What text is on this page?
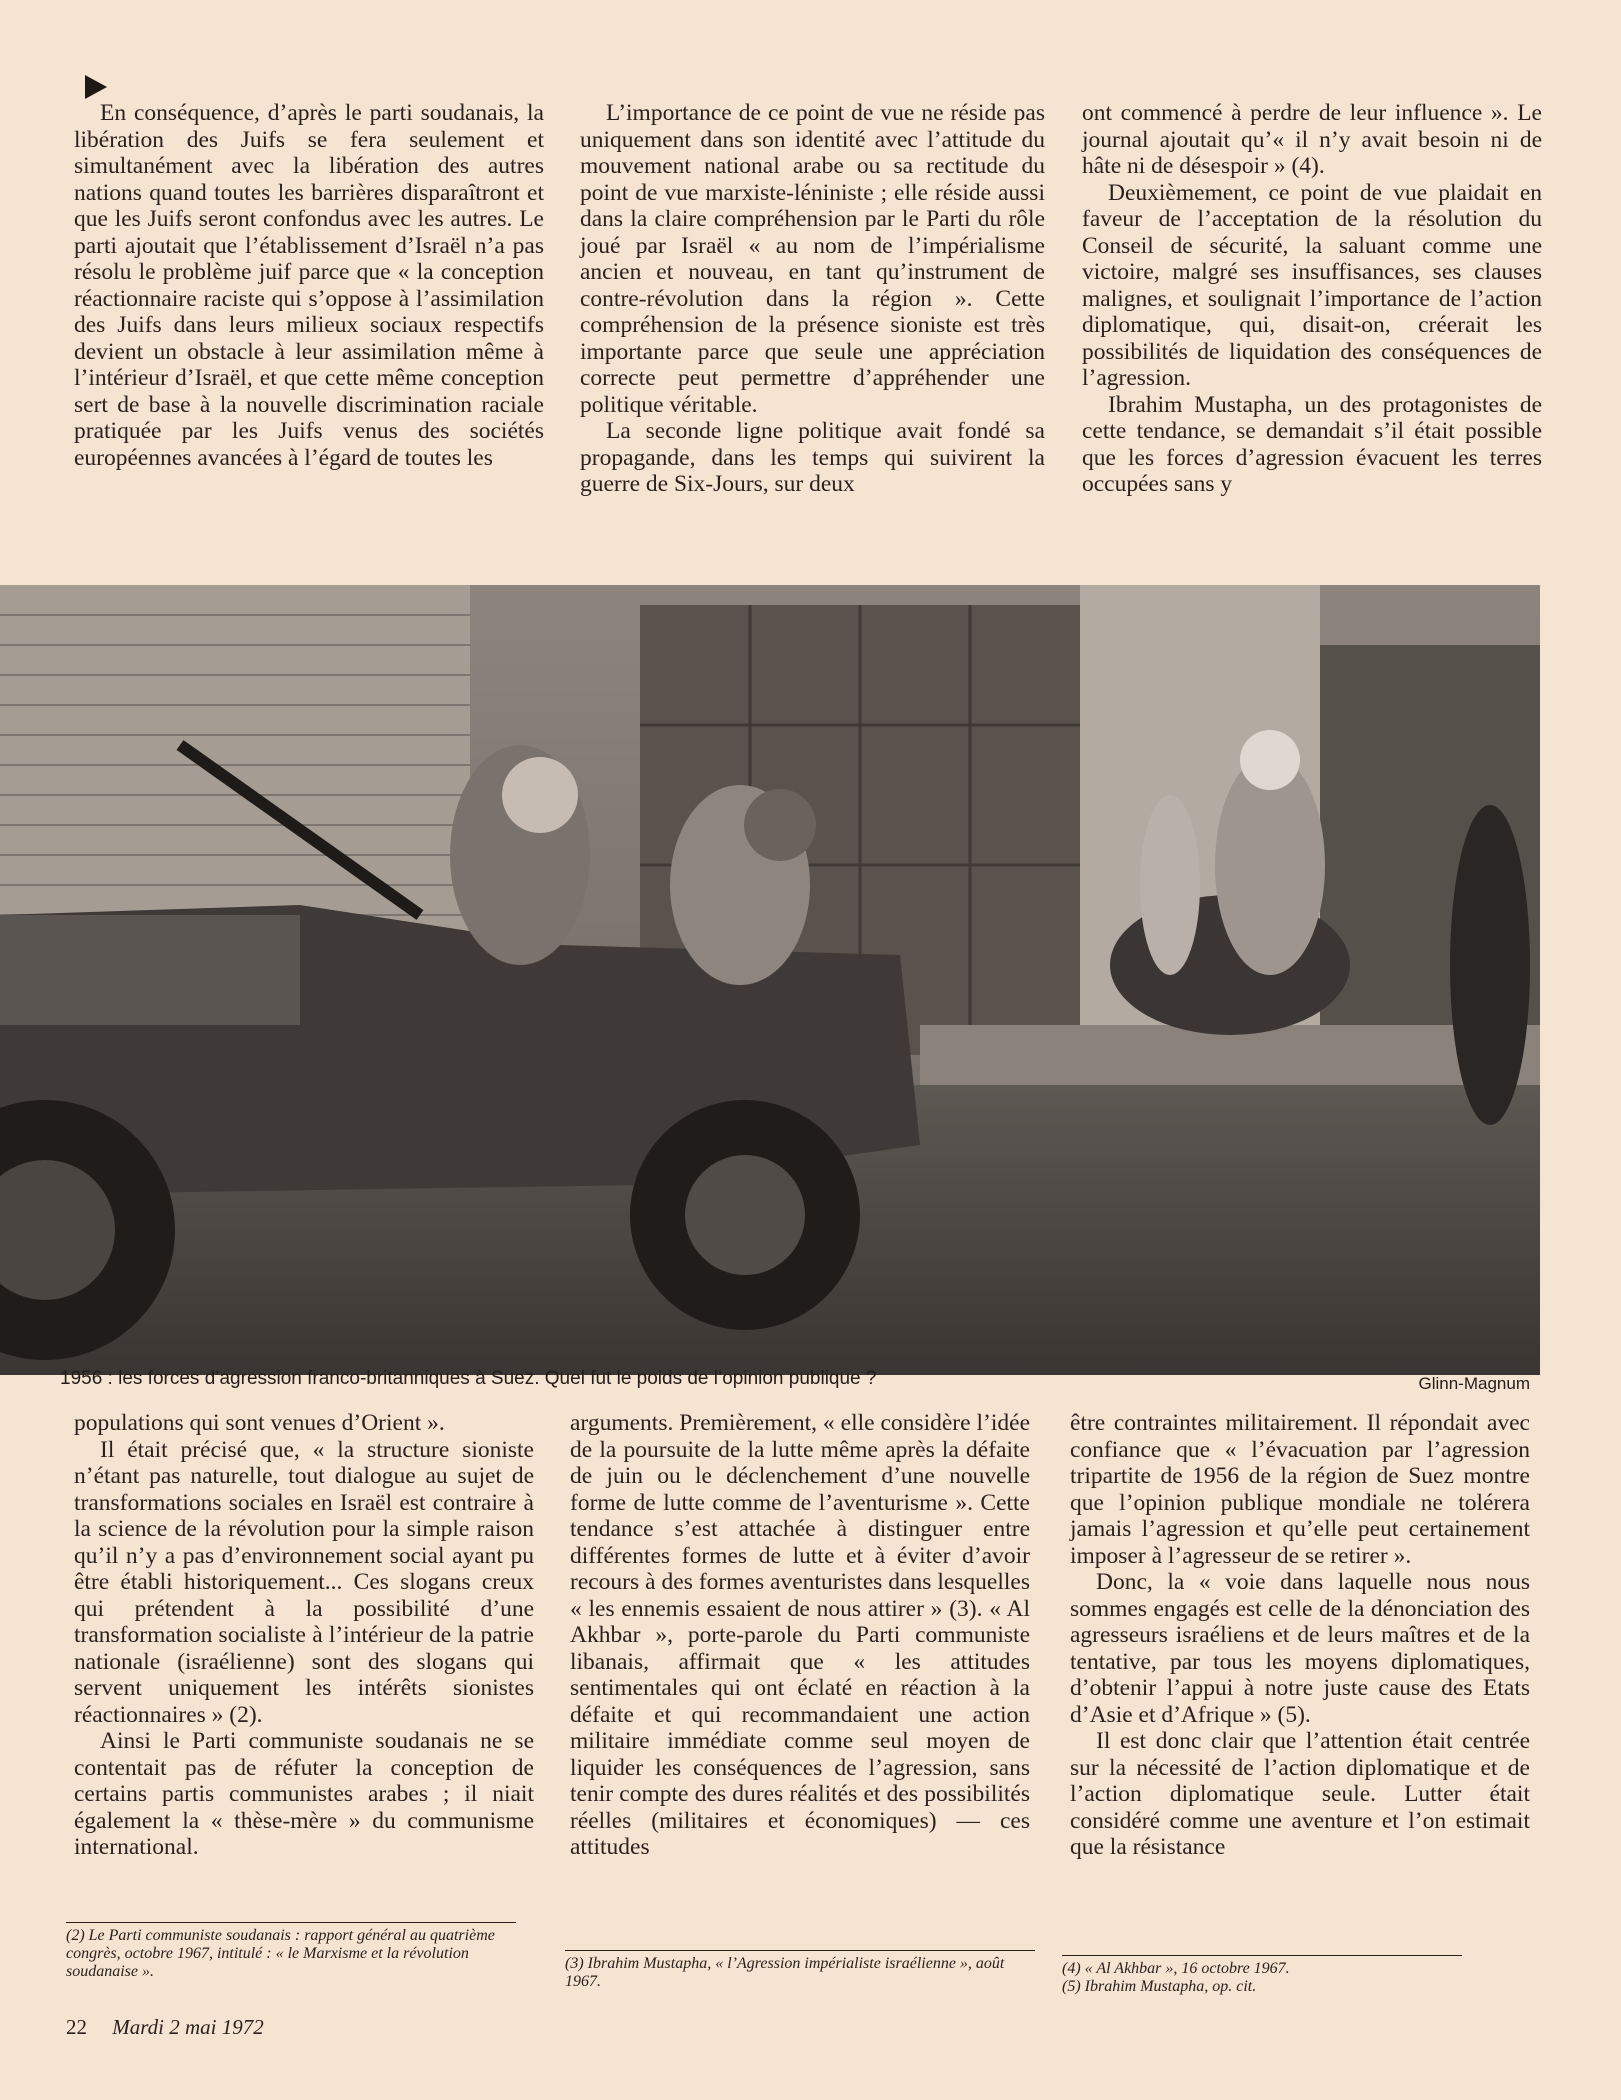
En conséquence, d’après le parti soudanais, la libération des Juifs se fera seulement et simultanément avec la libération des autres nations quand toutes les barrières disparaîtront et que les Juifs seront confondus avec les autres. Le parti ajoutait que l’établissement d’Israël n’a pas résolu le problème juif parce que « la conception réactionnaire raciste qui s’oppose à l’assimilation des Juifs dans leurs milieux sociaux respectifs devient un obstacle à leur assimilation même à l’intérieur d’Israël, et que cette même conception sert de base à la nouvelle discrimination raciale pratiquée par les Juifs venus des sociétés européennes avancées à l’égard de toutes les

L’importance de ce point de vue ne réside pas uniquement dans son identité avec l’attitude du mouvement national arabe ou sa rectitude du point de vue marxiste-léniniste ; elle réside aussi dans la claire compréhension par le Parti du rôle joué par Israël « au nom de l’impérialisme ancien et nouveau, en tant qu’instrument de contre-révolution dans la région ». Cette compréhension de la présence sioniste est très importante parce que seule une appréciation correcte peut permettre d’appréhender une politique véritable.

La seconde ligne politique avait fondé sa propagande, dans les temps qui suivirent la guerre de Six-Jours, sur deux

ont commencé à perdre de leur influence ». Le journal ajoutait qu’« il n’y avait besoin ni de hâte ni de désespoir » (4).

Deuxièmement, ce point de vue plaidait en faveur de l’acceptation de la résolution du Conseil de sécurité, la saluant comme une victoire, malgré ses insuffisances, ses clauses malignes, et soulignait l’importance de l’action diplomatique, qui, disait-on, créerait les possibilités de liquidation des conséquences de l’agression.

Ibrahim Mustapha, un des protagonistes de cette tendance, se demandait s’il était possible que les forces d’agression évacuent les terres occupées sans y

1956 : les forces d’agression franco-britanniques à Suez. Quel fut le poids de l’opinion publique ?	Glinn-Magnum

populations qui sont venues d’Orient ».

Il était précisé que, « la structure sioniste n’étant pas naturelle, tout dialogue au sujet de transformations sociales en Israël est contraire à la science de la révolution pour la simple raison qu’il n’y a pas d’environnement social ayant pu être établi historiquement... Ces slogans creux qui prétendent à la possibilité d’une transformation socialiste à l’intérieur de la patrie nationale (israélienne) sont des slogans qui servent uniquement les intérêts sionistes réactionnaires » (2).

Ainsi le Parti communiste soudanais ne se contentait pas de réfuter la conception de certains partis communistes arabes ; il niait également la « thèse-mère » du communisme international.

arguments. Premièrement, « elle considère l’idée de la poursuite de la lutte même après la défaite de juin ou le déclenchement d’une nouvelle forme de lutte comme de l’aventurisme ». Cette tendance s’est attachée à distinguer entre différentes formes de lutte et à éviter d’avoir recours à des formes aventuristes dans lesquelles « les ennemis essaient de nous attirer » (3). « Al Akhbar », porte-parole du Parti communiste libanais, affirmait que « les attitudes sentimentales qui ont éclaté en réaction à la défaite et qui recommandaient une action militaire immédiate comme seul moyen de liquider les conséquences de l’agression, sans tenir compte des dures réalités et des possibilités réelles (militaires et économiques) — ces attitudes

être contraintes militairement. Il répondait avec confiance que « l’évacuation par l’agression tripartite de 1956 de la région de Suez montre que l’opinion publique mondiale ne tolérera jamais l’agression et qu’elle peut certainement imposer à l’agresseur de se retirer ».

Donc, la « voie dans laquelle nous nous sommes engagés est celle de la dénonciation des agresseurs israéliens et de leurs maîtres et de la tentative, par tous les moyens diplomatiques, d’obtenir l’appui à notre juste cause des Etats d’Asie et d’Afrique » (5).

Il est donc clair que l’attention était centrée sur la nécessité de l’action diplomatique et de l’action diplomatique seule. Lutter était considéré comme une aventure et l’on estimait que la résistance

(2) Le Parti communiste soudanais : rapport général au quatrième congrès, octobre 1967, intitulé : « le Marxisme et la révolution soudanaise ».	(3) Ibrahim Mustapha, « l’Agression impérialiste israélienne », août 1967.
(4) « Al Akhbar », 16 octobre 1967.
(5) Ibrahim Mustapha, op. cit.
22 Mardi 2 mai 1972
